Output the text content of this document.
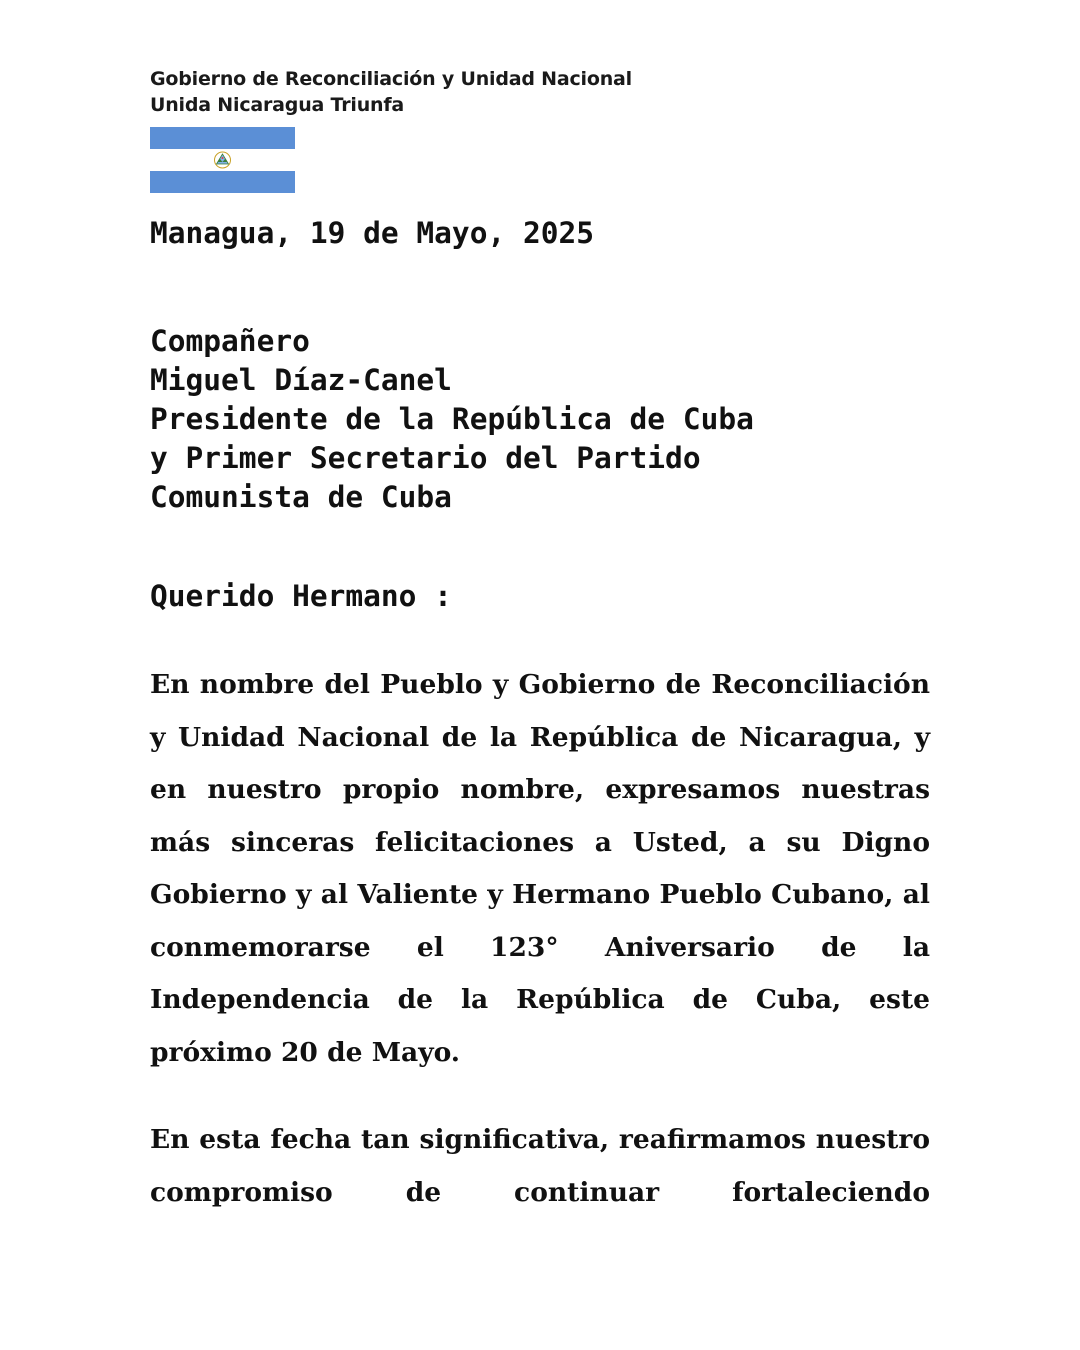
Gobierno de Reconciliación y Unidad Nacional
Unida Nicaragua Triunfa
Managua, 19 de Mayo, 2025
Compañero
Miguel Díaz-Canel
Presidente de la República de Cuba
y Primer Secretario del Partido
Comunista de Cuba
Querido Hermano :

En nombre del Pueblo y Gobierno de Reconciliación y Unidad Nacional de la República de Nicaragua, y en nuestro propio nombre, expresamos nuestras más sinceras felicitaciones a Usted, a su Digno Gobierno y al Valiente y Hermano Pueblo Cubano, al conmemorarse el 123° Aniversario de la Independencia de la República de Cuba, este próximo 20 de Mayo.

En esta fecha tan significativa, reafirmamos nuestro compromiso de continuar fortaleciendo
